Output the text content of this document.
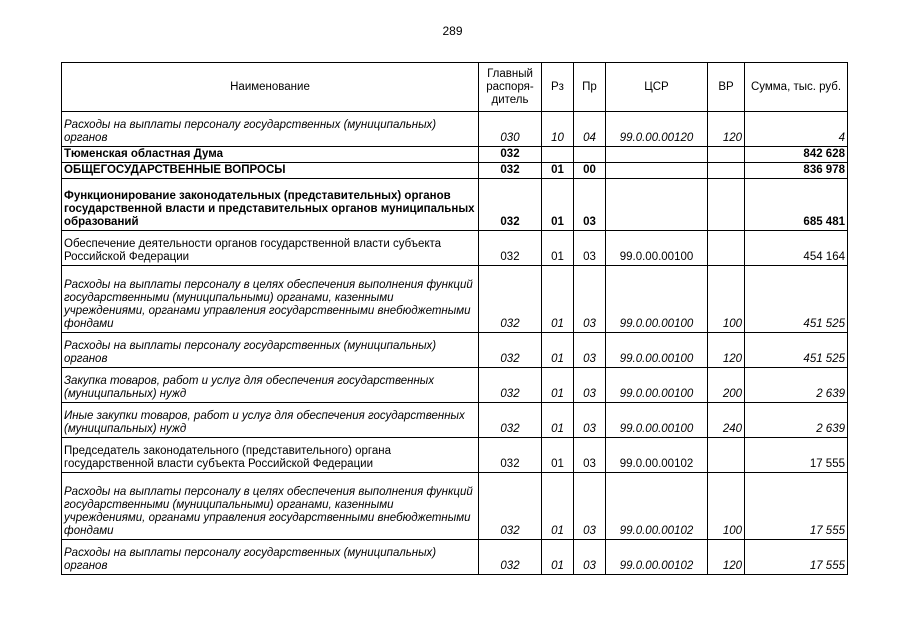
289
Наименование	Главный распоря-дитель	Рз	Пр	ЦСР	ВР	Сумма, тыс. руб.
Расходы на выплаты персоналу государственных (муниципальных) органов	030	10	04	99.0.00.00120	120	4
Тюменская областная Дума	032					842 628
ОБЩЕГОСУДАРСТВЕННЫЕ ВОПРОСЫ	032	01	00			836 978
Функционирование законодательных (представительных) органов государственной власти и представительных органов муниципальных образований	032	01	03			685 481
Обеспечение деятельности органов государственной власти субъекта Российской Федерации	032	01	03	99.0.00.00100		454 164
Расходы на выплаты персоналу в целях обеспечения выполнения функций государственными (муниципальными) органами, казенными учреждениями, органами управления государственными внебюджетными фондами	032	01	03	99.0.00.00100	100	451 525
Расходы на выплаты персоналу государственных (муниципальных) органов	032	01	03	99.0.00.00100	120	451 525
Закупка товаров, работ и услуг для обеспечения государственных (муниципальных) нужд	032	01	03	99.0.00.00100	200	2 639
Иные закупки товаров, работ и услуг для обеспечения государственных (муниципальных) нужд	032	01	03	99.0.00.00100	240	2 639
Председатель законодательного (представительного) органа государственной власти субъекта Российской Федерации	032	01	03	99.0.00.00102		17 555
Расходы на выплаты персоналу в целях обеспечения выполнения функций государственными (муниципальными) органами, казенными учреждениями, органами управления государственными внебюджетными фондами	032	01	03	99.0.00.00102	100	17 555
Расходы на выплаты персоналу государственных (муниципальных) органов	032	01	03	99.0.00.00102	120	17 555
